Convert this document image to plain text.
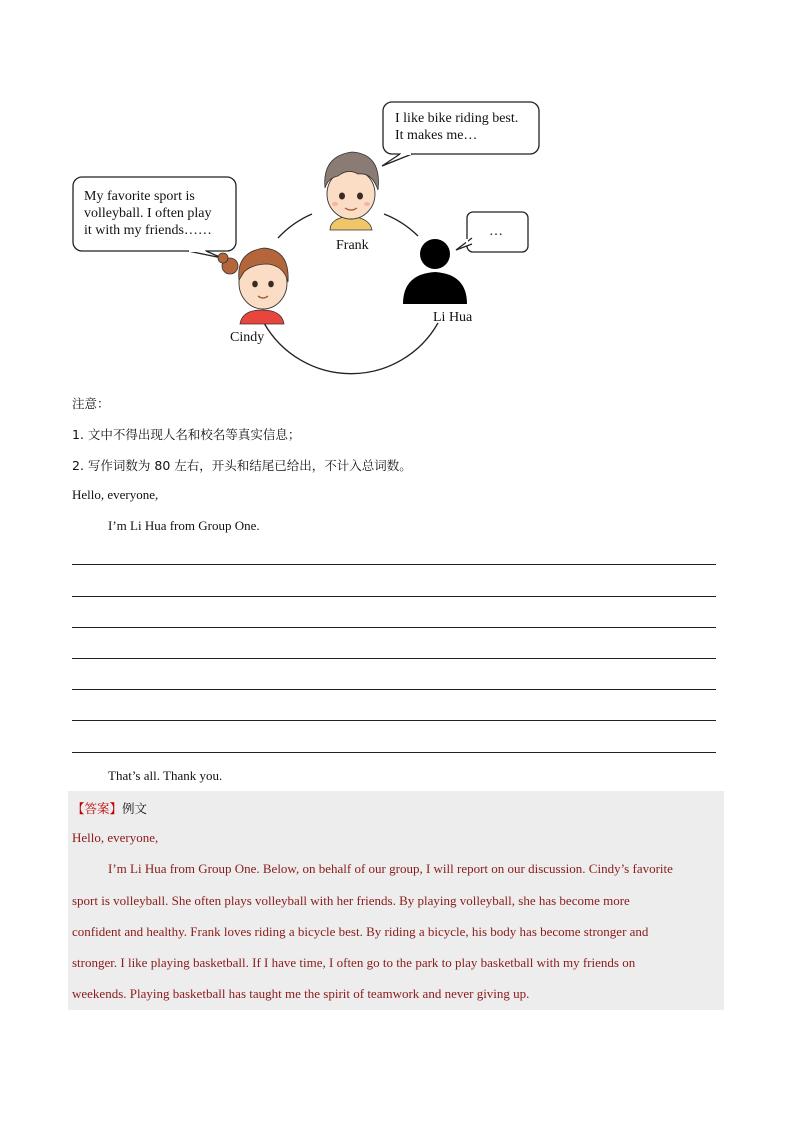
I like bike riding best.
It makes me…
My favorite sport is
volleyball. I often play
it with my friends……	…
Frank
Cindy
Li Hua
注意：
1. 文中不得出现人名和校名等真实信息；
2. 写作词数为 80 左右，开头和结尾已给出，不计入总词数。
Hello, everyone,
I’m Li Hua from Group One.
That’s all. Thank you.
【答案】例文
Hello, everyone,
I’m Li Hua from Group One. Below, on behalf of our group, I will report on our discussion. Cindy’s favorite
sport is volleyball. She often plays volleyball with her friends. By playing volleyball, she has become more
confident and healthy. Frank loves riding a bicycle best. By riding a bicycle, his body has become stronger and
stronger. I like playing basketball. If I have time, I often go to the park to play basketball with my friends on
weekends. Playing basketball has taught me the spirit of teamwork and never giving up.
